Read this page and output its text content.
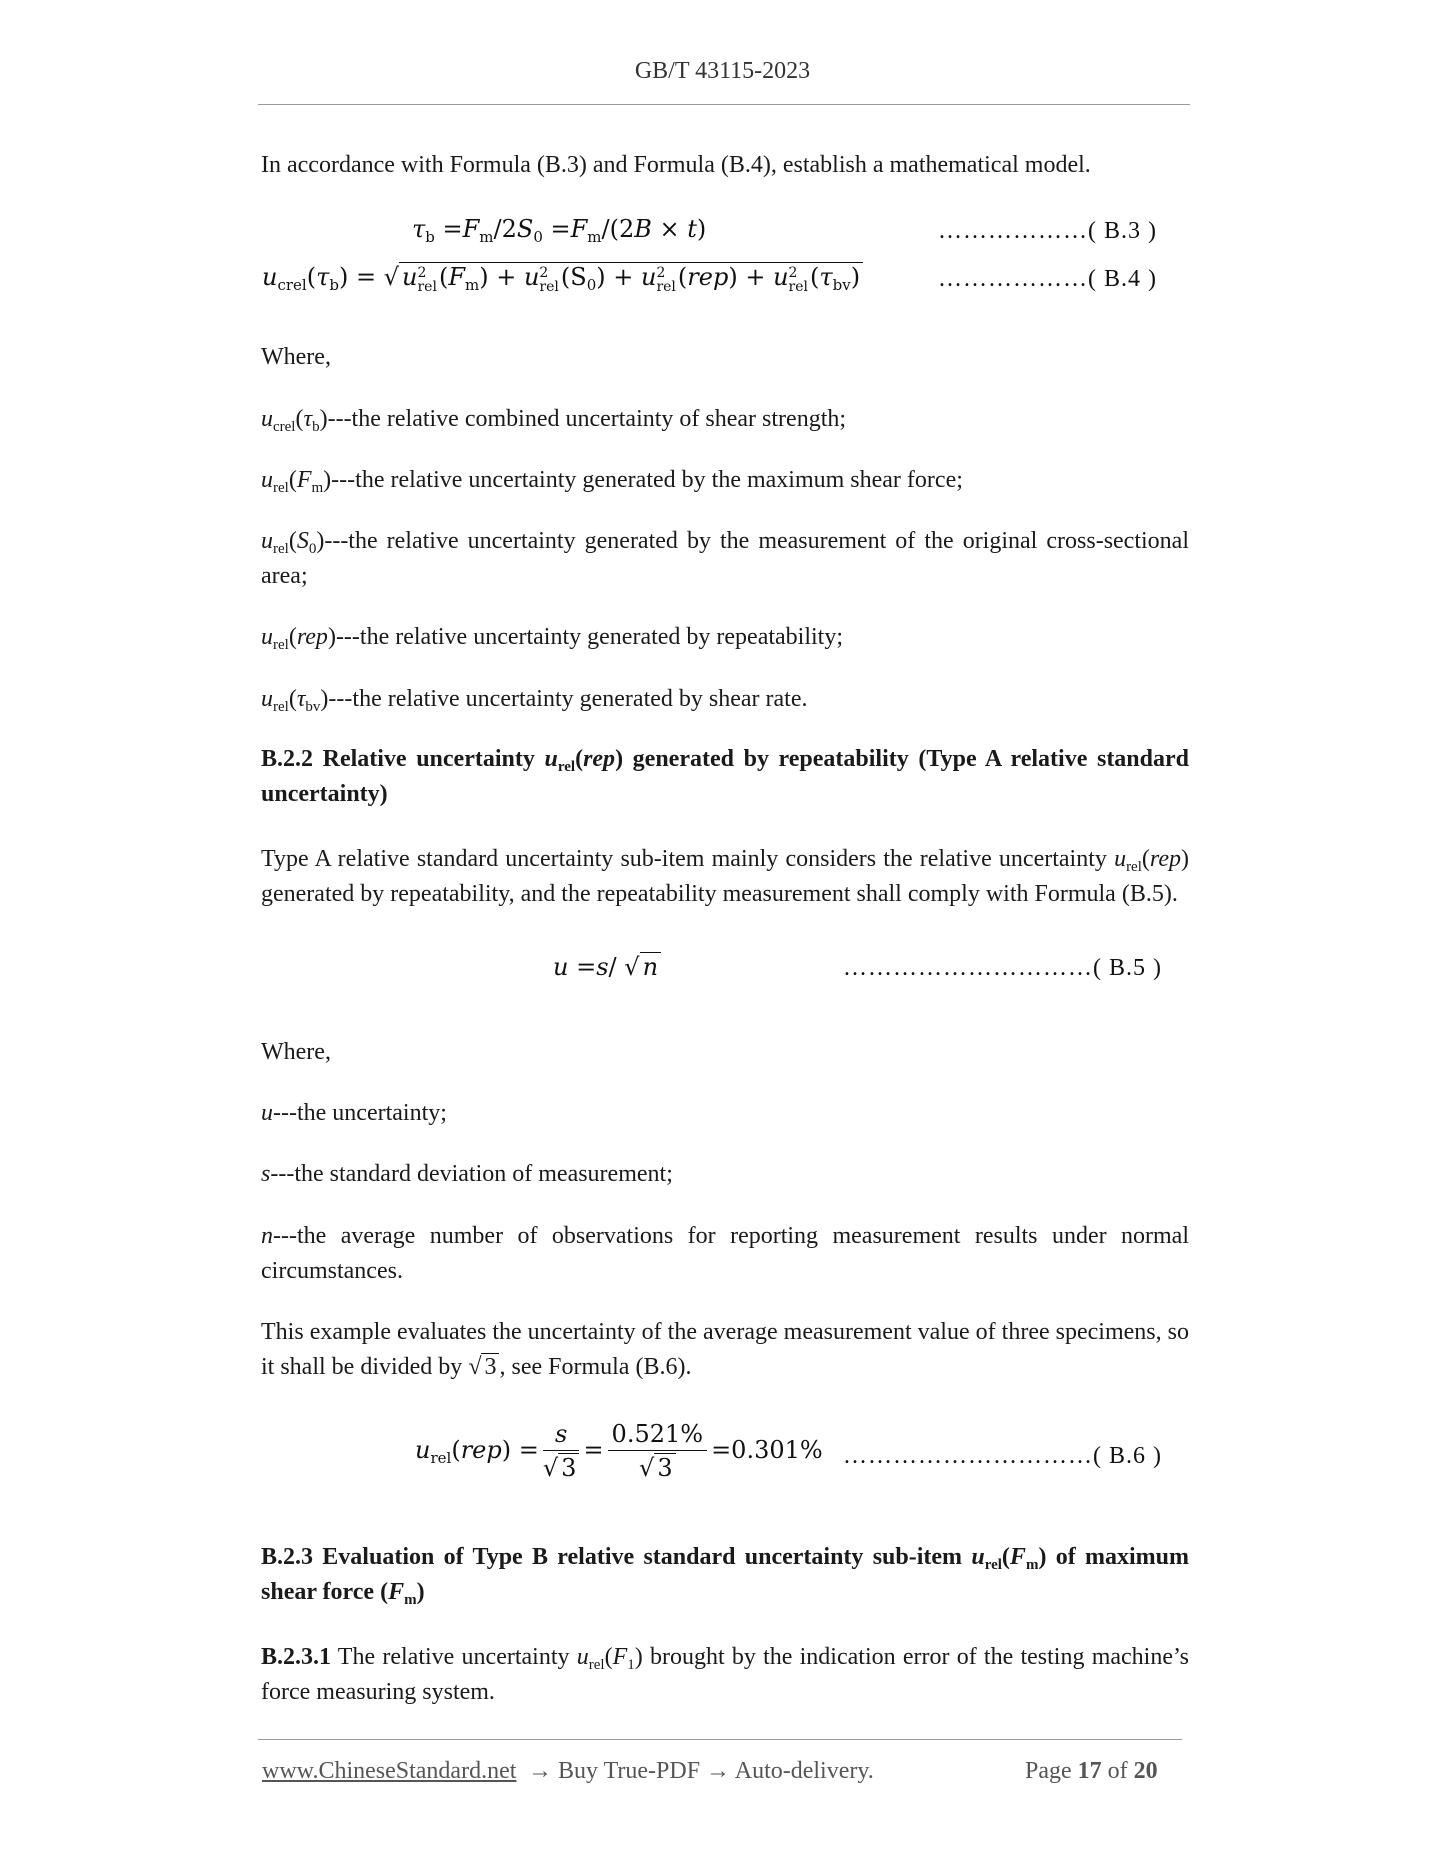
GB/T 43115-2023
In accordance with Formula (B.3) and Formula (B.4), establish a mathematical model.
$\tau_b =F_m/2S_0 =F_m/(2B \times t)$	………………( B.3 )
$u_{crel}(\tau_b)$ = √ u 2
rel $(F_m) + u$ 2
rel $(S_0) + u$ 2
rel (rep) + u 2
rel $(\tau_{bv})$	………………( B.4 )
Where,
$u_{crel}(\tau_b)--$-the relative combined uncertainty of shear strength;
$u_{rel}(F_m)--$-the relative uncertainty generated by the maximum shear force;
$u_{rel}(S_0)--$-the relative uncertainty generated by the measurement of the original cross-sectional area;
$u_{rel}(rep)--$-the relative uncertainty generated by repeatability;
$u_{rel}(\tau_{bv})--$-the relative uncertainty generated by shear rate.
B.2.2 Relative uncertainty $u_{rel}(rep)$ generated by repeatability (Type A relative standard uncertainty)
Type A relative standard uncertainty sub-item mainly considers the relative uncertainty $u_{rel}(rep)$ generated by repeatability, and the repeatability measurement shall comply with Formula (B.5).
u =s/ √ n	…………………………( B.5 )
Where,
u---the uncertainty;
s---the standard deviation of measurement;
n---the average number of observations for reporting measurement results under normal circumstances.
This example evaluates the uncertainty of the average measurement value of three specimens, so it shall be divided by √ 3 , see Formula (B.6).
$u_{rel}(rep) = \frac{s}{√ 3} = \frac{0.521\%}{√ 3} =0.301\%$ …………………………( B.6 )
B.2.3 Evaluation of Type B relative standard uncertainty sub-item $u_{rel}(F_m)$ of maximum shear force $(F_m)$
B.2.3.1 The relative uncertainty $u_{rel}(F_1)$ brought by the indication error of the testing machine’s force measuring system.
www.ChineseStandard.net → Buy True-PDF → Auto-delivery.	Page 17 of 20
